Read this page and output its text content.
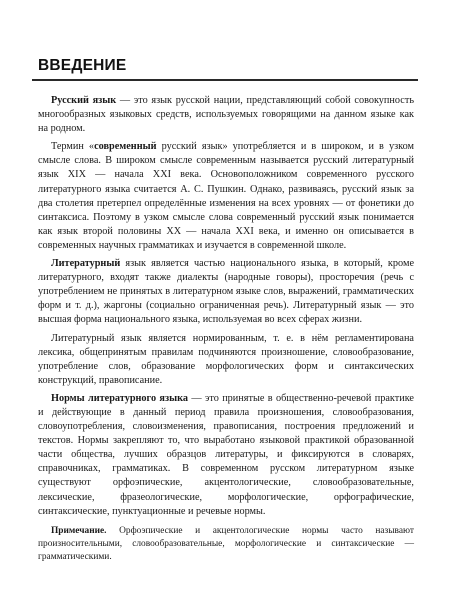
ВВЕДЕНИЕ

Русский язык — это язык русской нации, представляющий собой совокупность многообразных языковых средств, используемых говорящими на данном языке как на родном.

Термин «современный русский язык» употребляется и в широком, и в узком смысле слова. В широком смысле современным называется русский литературный язык XIX — начала XXI века. Основоположником современного русского литературного языка считается А. С. Пушкин. Однако, развиваясь, русский язык за два столетия претерпел определённые изменения на всех уровнях — от фонетики до синтаксиса. Поэтому в узком смысле слова современный русский язык понимается как язык второй половины XX — начала XXI века, и именно он описывается в современных научных грамматиках и изучается в современной школе.

Литературный язык является частью национального языка, в который, кроме литературного, входят также диалекты (народные говоры), просторечия (речь с употреблением не принятых в литературном языке слов, выражений, грамматических форм и т. д.), жаргоны (социально ограниченная речь). Литературный язык — это высшая форма национального языка, используемая во всех сферах жизни.

Литературный язык является нормированным, т. е. в нём регламентирована лексика, общепринятым правилам подчиняются произношение, словообразование, употребление слов, образование морфологических форм и синтаксических конструкций, правописание.

Нормы литературного языка — это принятые в общественно-речевой практике и действующие в данный период правила произношения, словообразования, словоупотребления, словоизменения, правописания, построения предложений и текстов. Нормы закрепляют то, что выработано языковой практикой образованной части общества, лучших образцов литературы, и фиксируются в словарях, справочниках, грамматиках. В современном русском литературном языке существуют орфоэпические, акцентологические, словообразовательные, лексические, фразеологические, морфологические, орфографические, синтаксические, пунктуационные и речевые нормы.

Примечание. Орфоэпические и акцентологические нормы часто называют произносительными, словообразовательные, морфологические и синтаксические — грамматическими.
